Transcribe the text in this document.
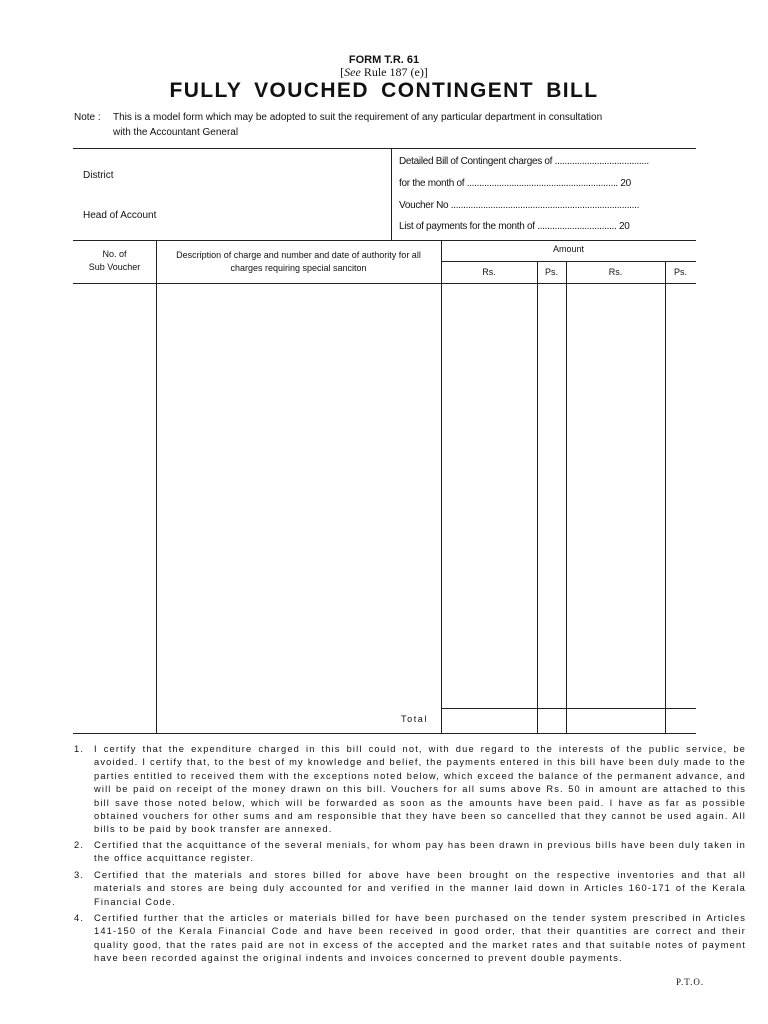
FORM T.R. 61
[See Rule 187 (e)]
FULLY VOUCHED CONTINGENT BILL
Note : This is a model form which may be adopted to suit the requirement of any particular department in consultation
with the Accountant General
District
Head of Account
Detailed Bill of Contingent charges of ......................................
for the month of ............................................................. 20
Voucher No ............................................................................
List of payments for the month of ................................ 20
No. of
Sub Voucher
Description of charge and number and date of authority for all charges requiring special sanciton
Amount
Rs.	Ps.	Rs.	Ps.
Total
1. I certify that the expenditure charged in this bill could not, with due regard to the interests of the public service, be avoided. I certify that, to the best of my knowledge and belief, the payments entered in this bill have been duly made to the parties entitled to received them with the exceptions noted below, which exceed the balance of the permanent advance, and will be paid on receipt of the money drawn on this bill. Vouchers for all sums above Rs. 50 in amount are attached to this bill save those noted below, which will be forwarded as soon as the amounts have been paid. I have as far as possible obtained vouchers for other sums and am responsible that they have been so cancelled that they cannot be used again. All bills to be paid by book transfer are annexed.
2. Certified that the acquittance of the several menials, for whom pay has been drawn in previous bills have been duly taken in the office acquittance register.
3. Certified that the materials and stores billed for above have been brought on the respective inventories and that all materials and stores are being duly accounted for and verified in the manner laid down in Articles 160-171 of the Kerala Financial Code.
4. Certified further that the articles or materials billed for have been purchased on the tender system prescribed in Articles 141-150 of the Kerala Financial Code and have been received in good order, that their quantities are correct and their quality good, that the rates paid are not in excess of the accepted and the market rates and that suitable notes of payment have been recorded against the original indents and invoices concerned to prevent double payments.
P.T.O.
